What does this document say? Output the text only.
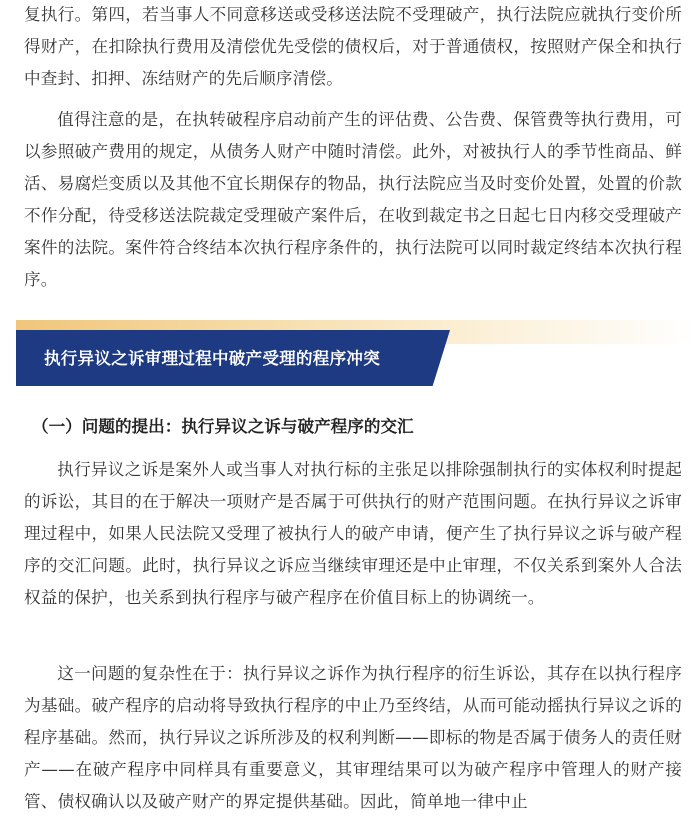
复执行。第四，若当事人不同意移送或受移送法院不受理破产，执行法院应就执行变价所得财产，在扣除执行费用及清偿优先受偿的债权后，对于普通债权，按照财产保全和执行中查封、扣押、冻结财产的先后顺序清偿。

值得注意的是，在执转破程序启动前产生的评估费、公告费、保管费等执行费用，可以参照破产费用的规定，从债务人财产中随时清偿。此外，对被执行人的季节性商品、鲜活、易腐烂变质以及其他不宜长期保存的物品，执行法院应当及时变价处置，处置的价款不作分配，待受移送法院裁定受理破产案件后，在收到裁定书之日起七日内移交受理破产案件的法院。案件符合终结本次执行程序条件的，执行法院可以同时裁定终结本次执行程序。

执行异议之诉审理过程中破产受理的程序冲突
（一）问题的提出：执行异议之诉与破产程序的交汇

执行异议之诉是案外人或当事人对执行标的主张足以排除强制执行的实体权利时提起的诉讼，其目的在于解决一项财产是否属于可供执行的财产范围问题。在执行异议之诉审理过程中，如果人民法院又受理了被执行人的破产申请，便产生了执行异议之诉与破产程序的交汇问题。此时，执行异议之诉应当继续审理还是中止审理，不仅关系到案外人合法权益的保护，也关系到执行程序与破产程序在价值目标上的协调统一。

这一问题的复杂性在于：执行异议之诉作为执行程序的衍生诉讼，其存在以执行程序为基础。破产程序的启动将导致执行程序的中止乃至终结，从而可能动摇执行异议之诉的程序基础。然而，执行异议之诉所涉及的权利判断——即标的物是否属于债务人的责任财产——在破产程序中同样具有重要意义，其审理结果可以为破产程序中管理人的财产接管、债权确认以及破产财产的界定提供基础。因此，简单地一律中止
